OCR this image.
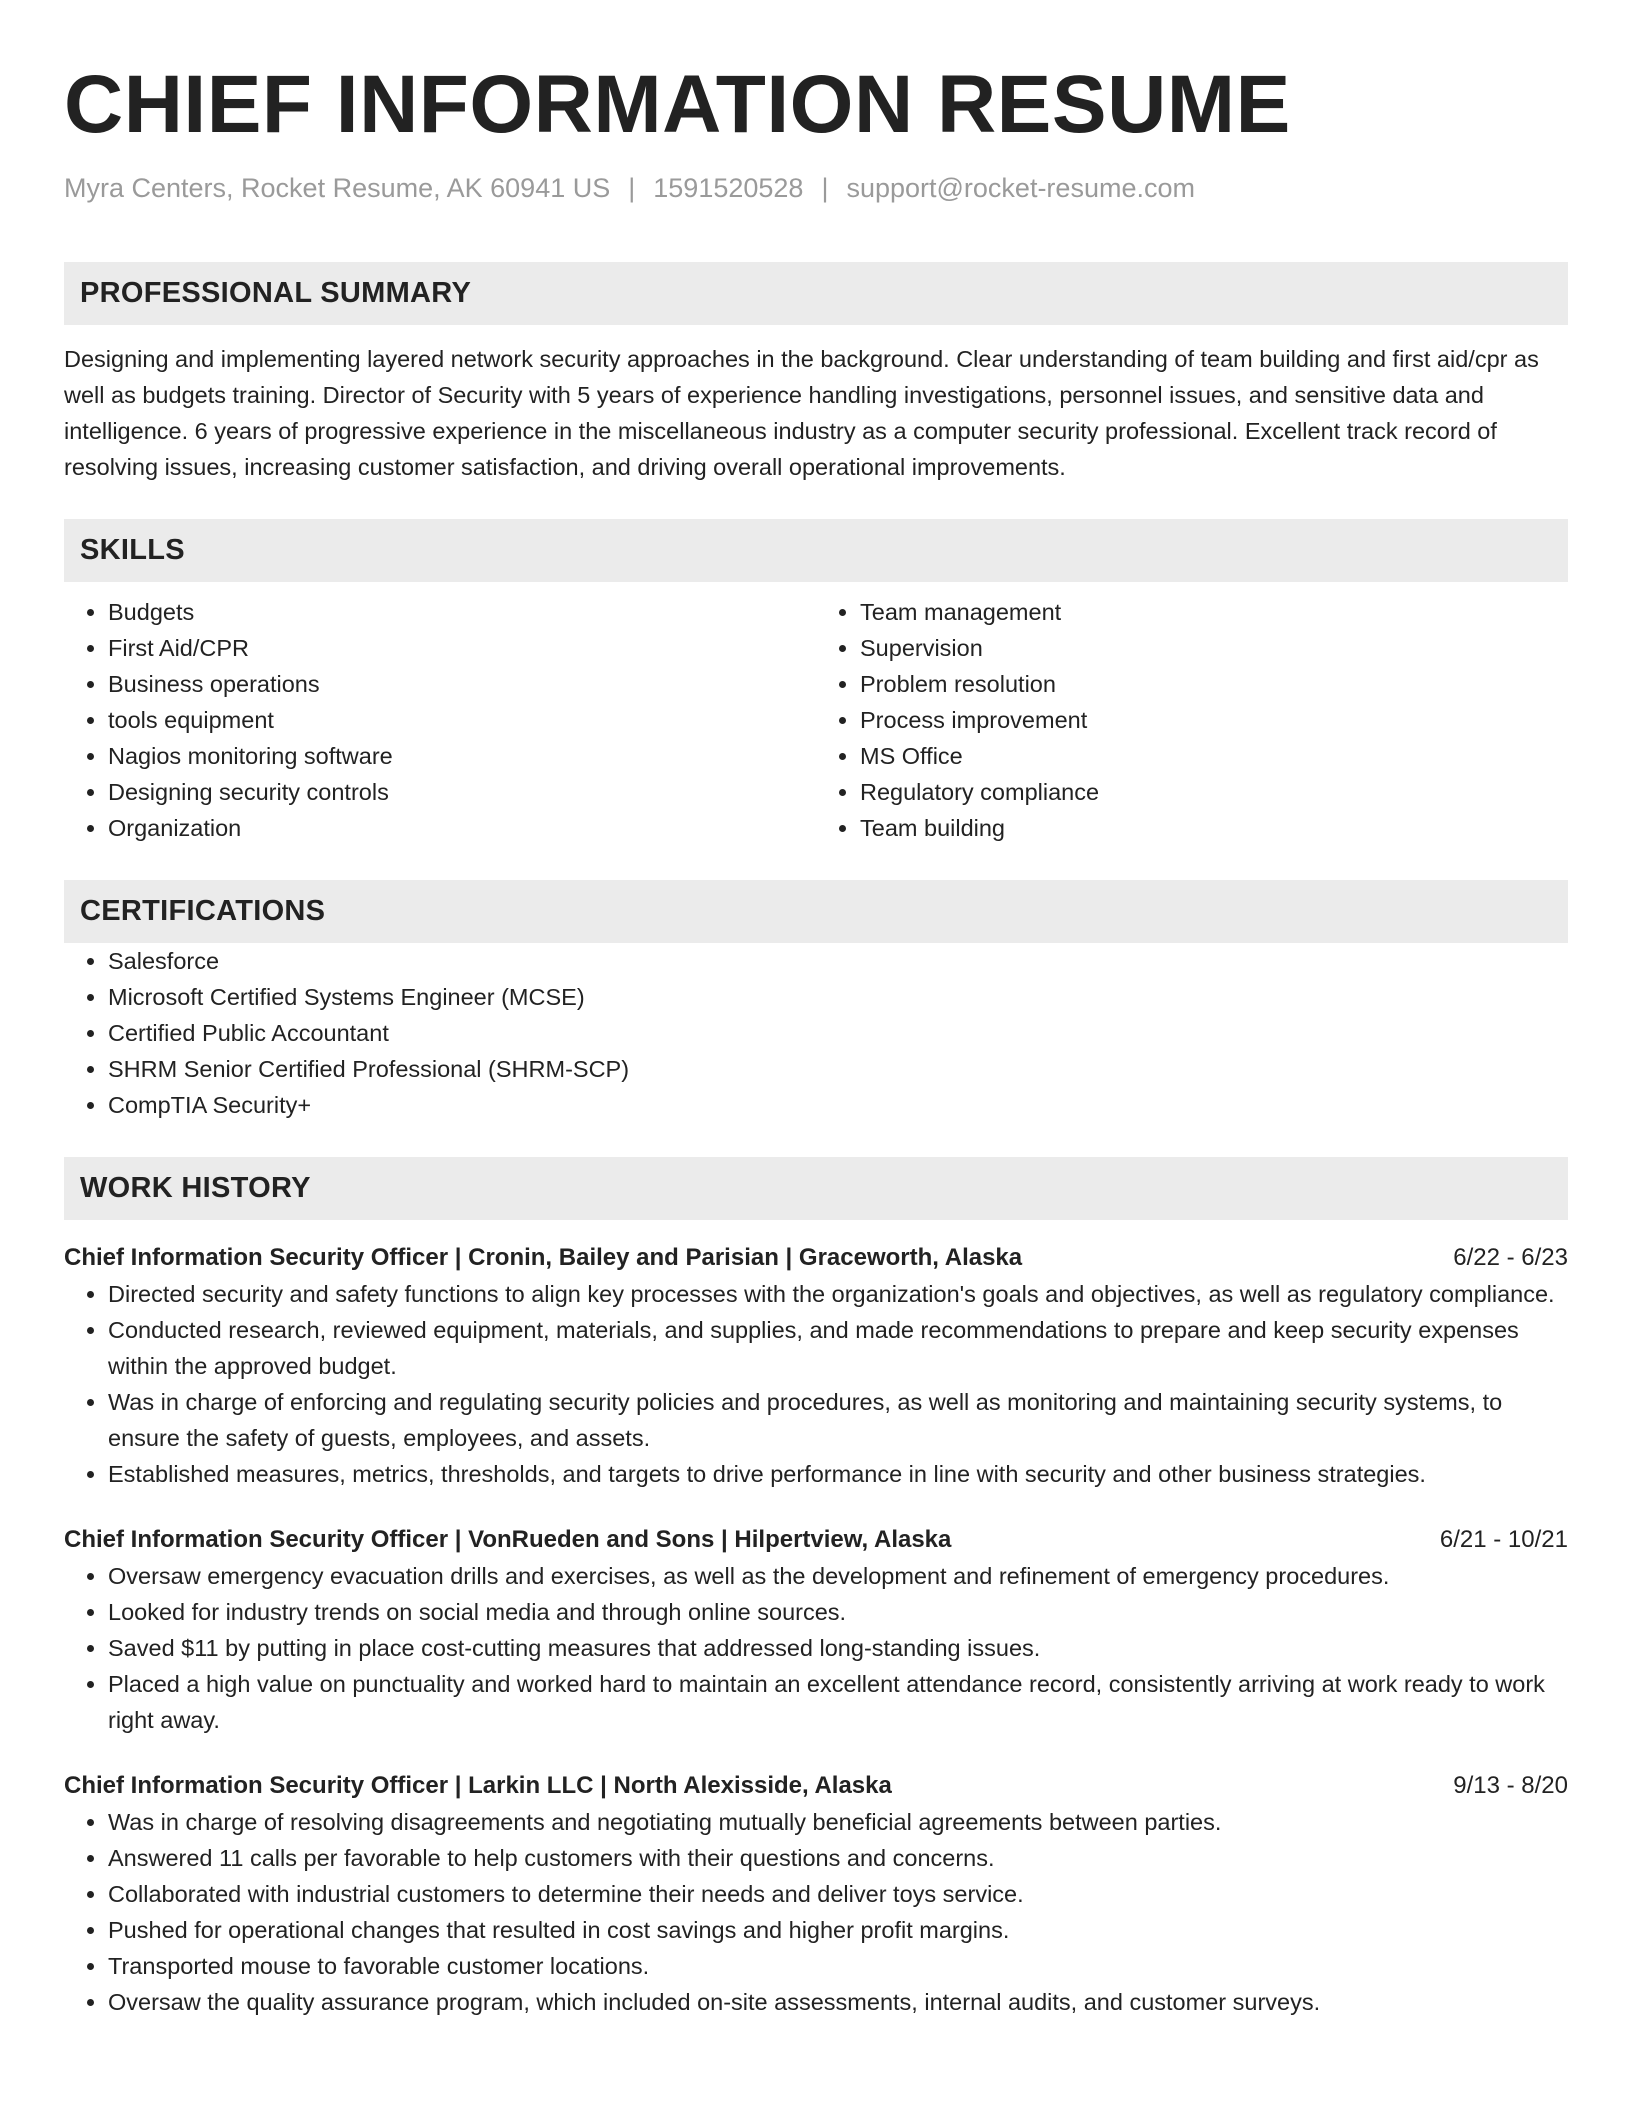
CHIEF INFORMATION RESUME
Myra Centers, Rocket Resume, AK 60941 US | 1591520528 | support@rocket-resume.com
PROFESSIONAL SUMMARY

Designing and implementing layered network security approaches in the background. Clear understanding of team building and first aid/cpr as well as budgets training. Director of Security with 5 years of experience handling investigations, personnel issues, and sensitive data and intelligence. 6 years of progressive experience in the miscellaneous industry as a computer security professional. Excellent track record of resolving issues, increasing customer satisfaction, and driving overall operational improvements.

SKILLS
• Budgets
• First Aid/CPR
• Business operations
• tools equipment
• Nagios monitoring software
• Designing security controls
• Organization
• Team management
• Supervision
• Problem resolution
• Process improvement
• MS Office
• Regulatory compliance
• Team building
CERTIFICATIONS
• Salesforce
• Microsoft Certified Systems Engineer (MCSE)
• Certified Public Accountant
• SHRM Senior Certified Professional (SHRM-SCP)
• CompTIA Security+
WORK HISTORY
Chief Information Security Officer | Cronin, Bailey and Parisian | Graceworth, Alaska	6/22 - 6/23
• Directed security and safety functions to align key processes with the organization's goals and objectives, as well as regulatory compliance.
• Conducted research, reviewed equipment, materials, and supplies, and made recommendations to prepare and keep security expenses within the approved budget.
• Was in charge of enforcing and regulating security policies and procedures, as well as monitoring and maintaining security systems, to ensure the safety of guests, employees, and assets.
• Established measures, metrics, thresholds, and targets to drive performance in line with security and other business strategies.
Chief Information Security Officer | VonRueden and Sons | Hilpertview, Alaska	6/21 - 10/21
• Oversaw emergency evacuation drills and exercises, as well as the development and refinement of emergency procedures.
• Looked for industry trends on social media and through online sources.
• Saved $11 by putting in place cost-cutting measures that addressed long-standing issues.
• Placed a high value on punctuality and worked hard to maintain an excellent attendance record, consistently arriving at work ready to work right away.
Chief Information Security Officer | Larkin LLC | North Alexisside, Alaska	9/13 - 8/20
• Was in charge of resolving disagreements and negotiating mutually beneficial agreements between parties.
• Answered 11 calls per favorable to help customers with their questions and concerns.
• Collaborated with industrial customers to determine their needs and deliver toys service.
• Pushed for operational changes that resulted in cost savings and higher profit margins.
• Transported mouse to favorable customer locations.
• Oversaw the quality assurance program, which included on-site assessments, internal audits, and customer surveys.
